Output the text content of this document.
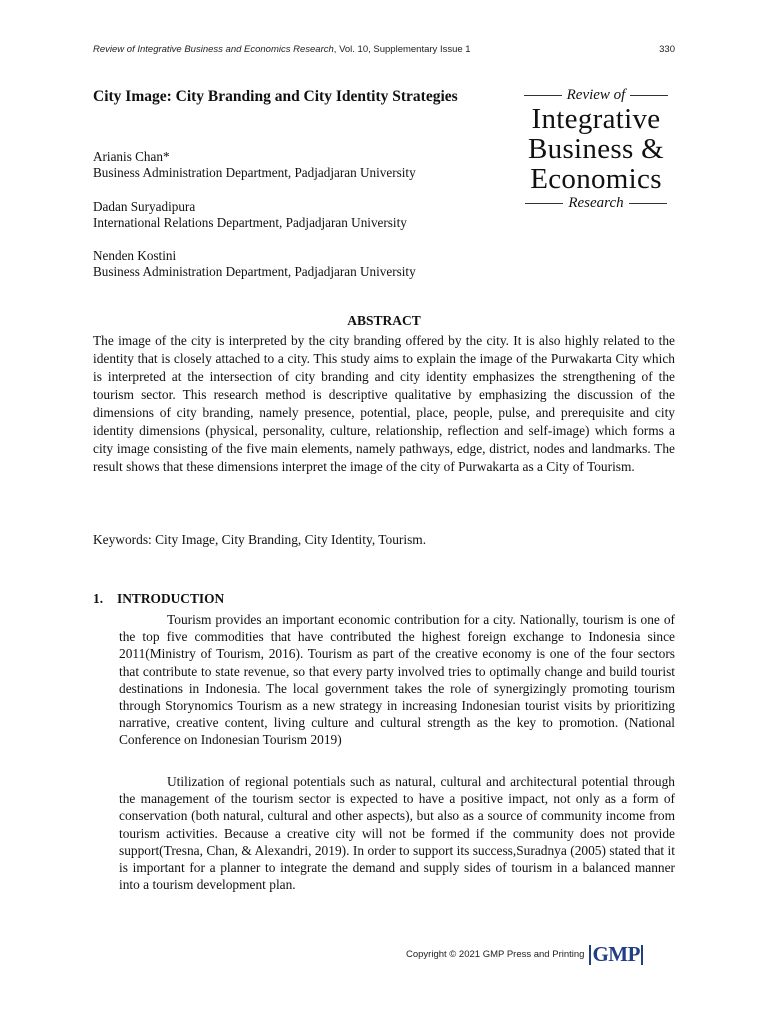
Review of Integrative Business and Economics Research, Vol. 10, Supplementary Issue 1	330
City Image: City Branding and City Identity Strategies
Arianis Chan*
Business Administration Department, Padjadjaran University
Dadan Suryadipura
International Relations Department, Padjadjaran University
Nenden Kostini
Business Administration Department, Padjadjaran University
Review of
Integrative
Business &
Economics
Research
ABSTRACT

The image of the city is interpreted by the city branding offered by the city. It is also highly related to the identity that is closely attached to a city. This study aims to explain the image of the Purwakarta City which is interpreted at the intersection of city branding and city identity emphasizes the strengthening of the tourism sector. This research method is descriptive qualitative by emphasizing the discussion of the dimensions of city branding, namely presence, potential, place, people, pulse, and prerequisite and city identity dimensions (physical, personality, culture, relationship, reflection and self-image) which forms a city image consisting of the five main elements, namely pathways, edge, district, nodes and landmarks. The result shows that these dimensions interpret the image of the city of Purwakarta as a City of Tourism.

Keywords: City Image, City Branding, City Identity, Tourism.
1. INTRODUCTION

Tourism provides an important economic contribution for a city. Nationally, tourism is one of the top five commodities that have contributed the highest foreign exchange to Indonesia since 2011(Ministry of Tourism, 2016). Tourism as part of the creative economy is one of the four sectors that contribute to state revenue, so that every party involved tries to optimally change and build tourist destinations in Indonesia. The local government takes the role of synergizingly promoting tourism through Storynomics Tourism as a new strategy in increasing Indonesian tourist visits by prioritizing narrative, creative content, living culture and cultural strength as the key to promotion. (National Conference on Indonesian Tourism 2019)

Utilization of regional potentials such as natural, cultural and architectural potential through the management of the tourism sector is expected to have a positive impact, not only as a form of conservation (both natural, cultural and other aspects), but also as a source of community income from tourism activities. Because a creative city will not be formed if the community does not provide support(Tresna, Chan, & Alexandri, 2019). In order to support its success,Suradnya (2005) stated that it is important for a planner to integrate the demand and supply sides of tourism in a balanced manner into a tourism development plan.

Copyright © 2021 GMP Press and Printing GMP
